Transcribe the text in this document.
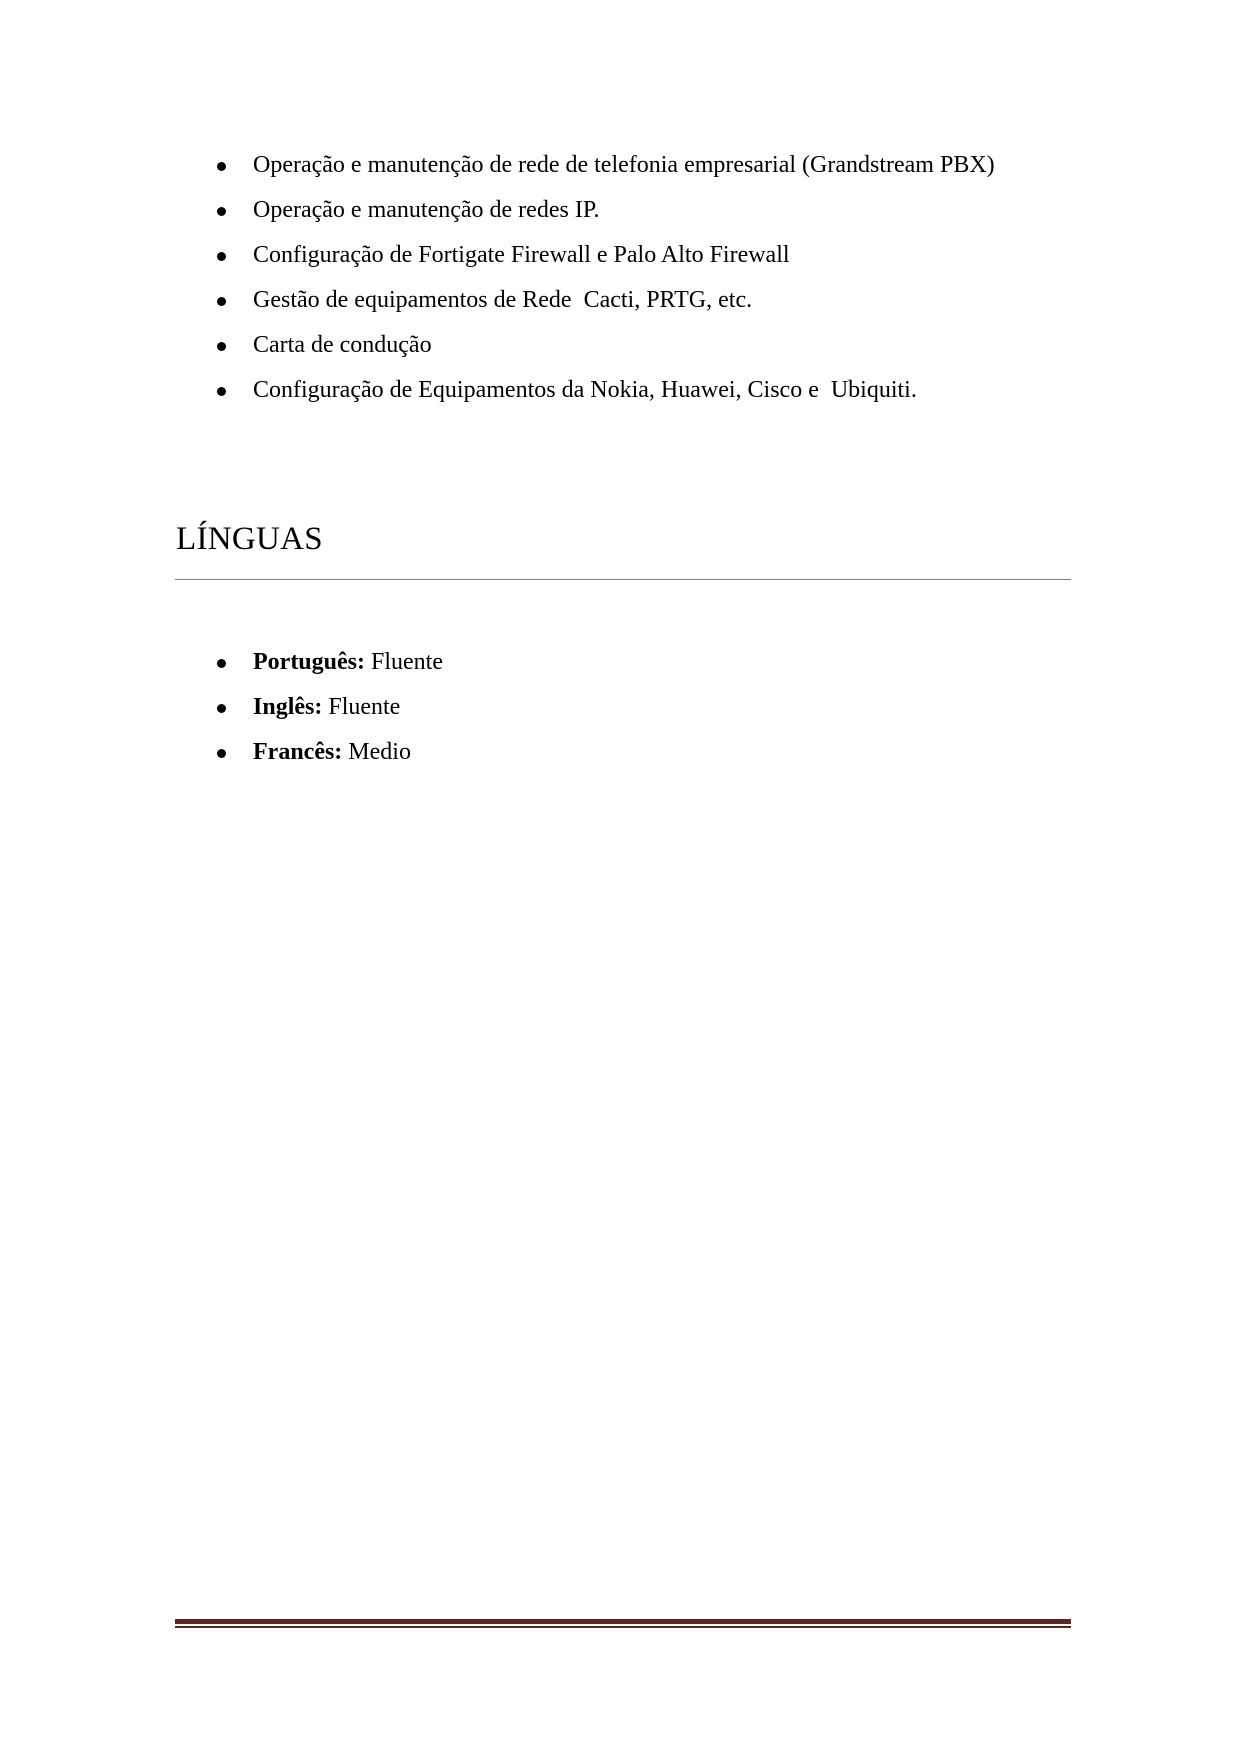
Operação e manutenção de rede de telefonia empresarial (Grandstream PBX)

Operação e manutenção de redes IP.

Configuração de Fortigate Firewall e Palo Alto Firewall

Gestão de equipamentos de Rede  Cacti, PRTG, etc.

Carta de condução

Configuração de Equipamentos da Nokia, Huawei, Cisco e  Ubiquiti.

LÍNGUAS

Português: Fluente

Inglês: Fluente

Francês: Medio
